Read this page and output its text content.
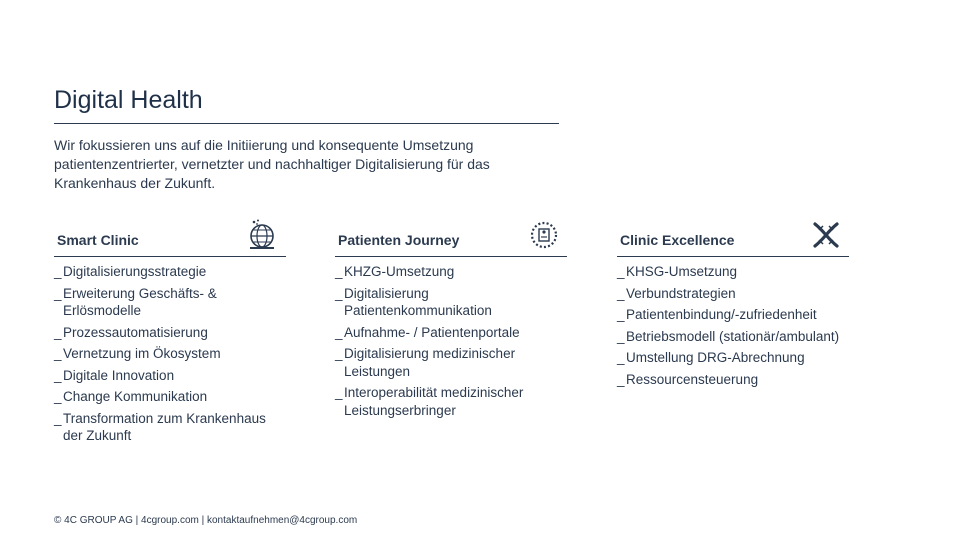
Digital Health

Wir fokussieren uns auf die Initiierung und konsequente Umsetzung patientenzentrierter, vernetzter und nachhaltiger Digitalisierung für das Krankenhaus der Zukunft.

Smart Clinic
_ Digitalisierungsstrategie
_ Erweiterung Geschäfts- & Erlösmodelle
_ Prozessautomatisierung
_ Vernetzung im Ökosystem
_ Digitale Innovation
_ Change Kommunikation
_ Transformation zum Krankenhaus der Zukunft
Patienten Journey
_ KHZG-Umsetzung
_ Digitalisierung Patientenkommunikation
_ Aufnahme- / Patientenportale
_ Digitalisierung medizinischer Leistungen
_ Interoperabilität medizinischer Leistungserbringer
Clinic Excellence
_ KHSG-Umsetzung
_ Verbundstrategien
_ Patientenbindung/-zufriedenheit
_ Betriebsmodell (stationär/ambulant)
_ Umstellung DRG-Abrechnung
_ Ressourcensteuerung
© 4C GROUP AG | 4cgroup.com | kontaktaufnehmen@4cgroup.com
